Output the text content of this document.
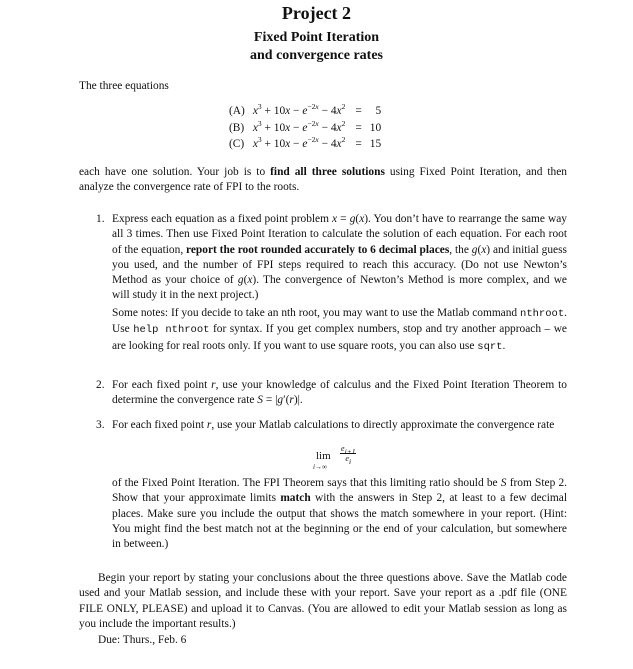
Project 2
Fixed Point Iteration
and convergence rates
The three equations
(A)	$x^3 + 10x - e^{-2x} - 4x^2$	=	5
(B)	$x^3 + 10x - e^{-2x} - 4x^2$	=	10
(C)	$x^3 + 10x - e^{-2x} - 4x^2$	=	15
each have one solution. Your job is to find all three solutions using Fixed Point Iteration, and then analyze the convergence rate of FPI to the roots.
1. Express each equation as a fixed point problem x = g(x). You don’t have to rearrange the same way all 3 times. Then use Fixed Point Iteration to calculate the solution of each equation. For each root of the equation, report the root rounded accurately to 6 decimal places, the g(x) and initial guess you used, and the number of FPI steps required to reach this accuracy. (Do not use Newton’s Method as your choice of g(x). The convergence of Newton’s Method is more complex, and we will study it in the next project.)
Some notes: If you decide to take an nth root, you may want to use the Matlab command nthroot. Use help nthroot for syntax. If you get complex numbers, stop and try another approach – we are looking for real roots only. If you want to use square roots, you can also use sqrt.
2. For each fixed point r, use your knowledge of calculus and the Fixed Point Iteration Theorem to determine the convergence rate S = |g′(r)|.
3. For each fixed point r, use your Matlab calculations to directly approximate the convergence rate
lim
i→∞
$\frac{e_{i+1}}{e_i}$
of the Fixed Point Iteration. The FPI Theorem says that this limiting ratio should be S from Step 2. Show that your approximate limits match with the answers in Step 2, at least to a few decimal places. Make sure you include the output that shows the match somewhere in your report. (Hint: You might find the best match not at the beginning or the end of your calculation, but somewhere in between.)
Begin your report by stating your conclusions about the three questions above. Save the Matlab code used and your Matlab session, and include these with your report. Save your report as a .pdf file (ONE FILE ONLY, PLEASE) and upload it to Canvas. (You are allowed to edit your Matlab session as long as you include the important results.)
Due: Thurs., Feb. 6
